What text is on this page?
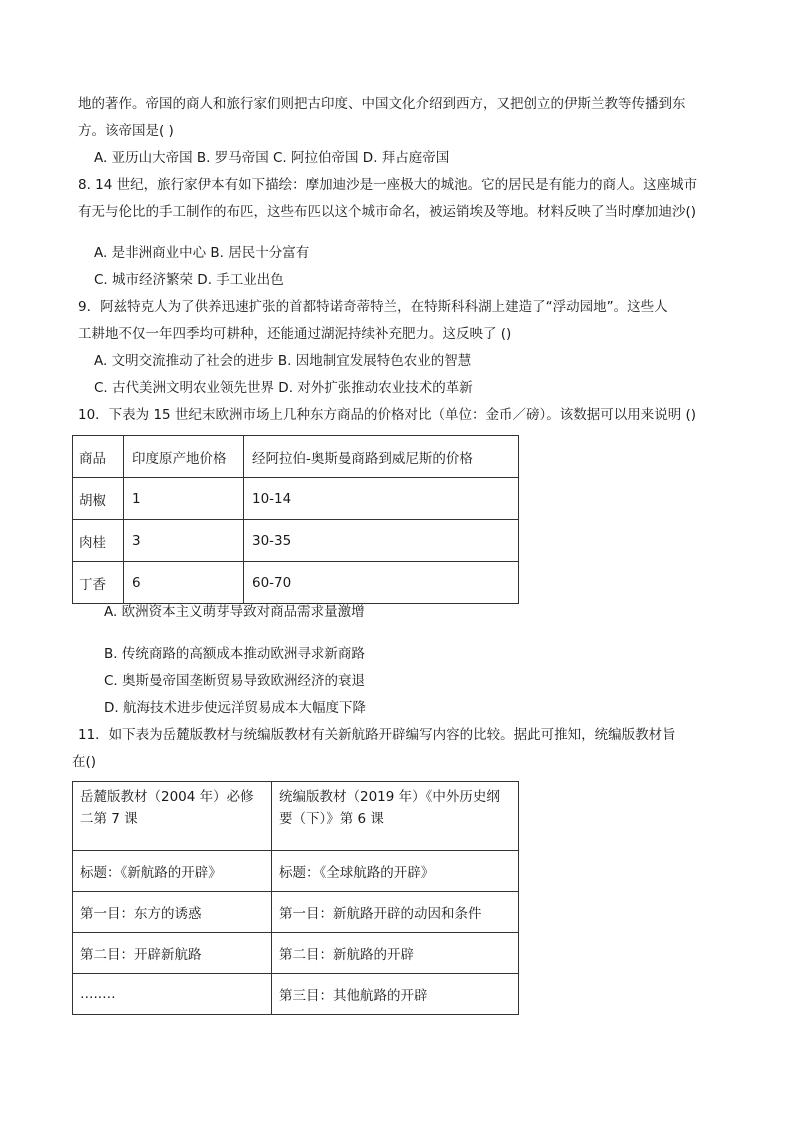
地的著作。帝国的商人和旅行家们则把古印度、中国文化介绍到西方，又把创立的伊斯兰教等传播到东
方。该帝国是( )
A. 亚历山大帝国 B. 罗马帝国 C. 阿拉伯帝国 D. 拜占庭帝国
8. 14 世纪，旅行家伊本有如下描绘：摩加迪沙是一座极大的城池。它的居民是有能力的商人。这座城市
有无与伦比的手工制作的布匹，这些布匹以这个城市命名，被运销埃及等地。材料反映了当时摩加迪沙()
A. 是非洲商业中心 B. 居民十分富有
C. 城市经济繁荣 D. 手工业出色
9．阿兹特克人为了供养迅速扩张的首都特诺奇蒂特兰，在特斯科科湖上建造了“浮动园地”。这些人
工耕地不仅一年四季均可耕种，还能通过湖泥持续补充肥力。这反映了 ()
A. 文明交流推动了社会的进步 B. 因地制宜发展特色农业的智慧
C. 古代美洲文明农业领先世界 D. 对外扩张推动农业技术的革新
10．下表为 15 世纪末欧洲市场上几种东方商品的价格对比（单位：金币／磅）。该数据可以用来说明 ()
商品	印度原产地价格	经阿拉伯-奥斯曼商路到威尼斯的价格
胡椒	1	10-14
肉桂	3	30-35
丁香	6	60-70
A. 欧洲资本主义萌芽导致对商品需求量激增
B. 传统商路的高额成本推动欧洲寻求新商路
C. 奥斯曼帝国垄断贸易导致欧洲经济的衰退
D. 航海技术进步使远洋贸易成本大幅度下降
11．如下表为岳麓版教材与统编版教材有关新航路开辟编写内容的比较。据此可推知，统编版教材旨
在()
岳麓版教材（2004 年）必修二第 7 课	统编版教材（2019 年）《中外历史纲要（下）》第 6 课
标题：《新航路的开辟》	标题：《全球航路的开辟》
第一目：东方的诱惑	第一目：新航路开辟的动因和条件
第二目：开辟新航路	第二目：新航路的开辟
…..…	第三目：其他航路的开辟
